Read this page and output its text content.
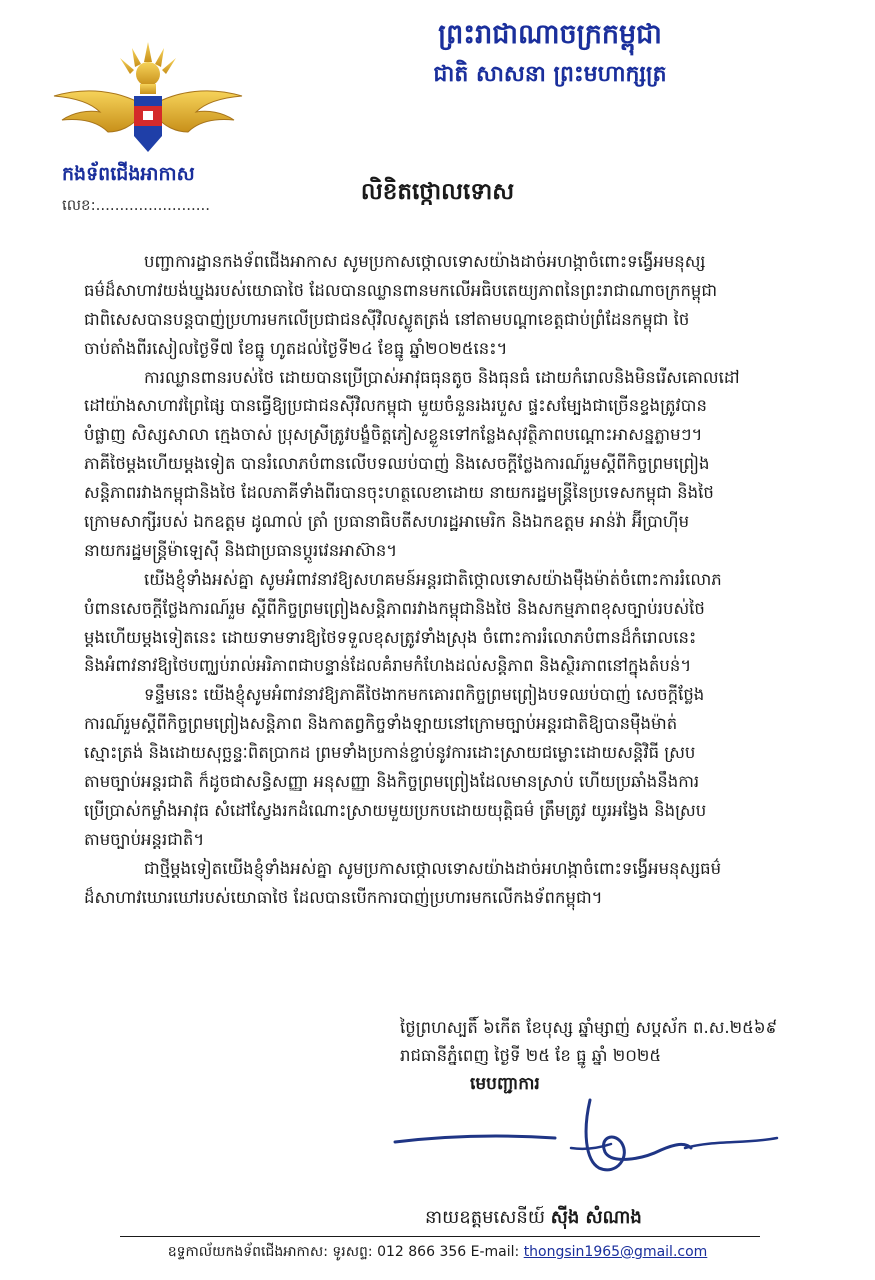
កងទ័ពជើងអាកាស
លេខ:........................
ព្រះរាជាណាចក្រកម្ពុជា
ជាតិ សាសនា ព្រះមហាក្សត្រ
លិខិតថ្កោលទោស
បញ្ជាការដ្ឋានកងទ័ពជើងអាកាស សូមប្រកាសថ្កោលទោសយ៉ាងដាច់អហង្កាចំពោះទង្វើអមនុស្ស
ធម៌ដ៏សាហាវយង់ឃ្នងរបស់យោធាថៃ ដែលបានឈ្លានពានមកលើអធិបតេយ្យភាពនៃព្រះរាជាណាចក្រកម្ពុជា
ជាពិសេសបានបន្តបាញ់ប្រហារមកលើប្រជាជនស៊ីវិលស្លូតត្រង់ នៅតាមបណ្តាខេត្តជាប់ព្រំដែនកម្ពុជា ថៃ
ចាប់តាំងពីរសៀលថ្ងៃទី៧ ខែធ្នូ ហូតដល់ថ្ងៃទី២៤ ខែធ្នូ ឆ្នាំ២០២៥នេះ។
ការឈ្លានពានរបស់ថៃ ដោយបានប្រើប្រាស់អាវុធធុនតូច និងធុនធំ ដោយកំរោលនិងមិនរើសគោលដៅ
ដៅយ៉ាងសាហាវព្រៃផ្សៃ បានធ្វើឱ្យប្រជាជនស៊ីវិលកម្ពុជា មួយចំនួនរងរបួស ផ្ទះសម្បែងជាច្រើនខ្ទងត្រូវបាន
បំផ្លាញ សិស្សសាលា ក្មេងចាស់ ប្រុសស្រីត្រូវបង្ខំចិត្តភៀសខ្លួនទៅកន្លែងសុវត្ថិភាពបណ្តោះអាសន្នភ្លាមៗ។
ភាគីថៃម្តងហើយម្តងទៀត បានរំលោភបំពានលើបទឈប់បាញ់ និងសេចក្តីថ្លែងការណ៍រួមស្តីពីកិច្ចព្រមព្រៀង
សន្តិភាពរវាងកម្ពុជានិងថៃ ដែលភាគីទាំងពីរបានចុះហត្ថលេខាដោយ នាយករដ្ឋមន្ត្រីនៃប្រទេសកម្ពុជា និងថៃ
ក្រោមសាក្សីរបស់ ឯកឧត្តម ដូណាល់ ត្រាំ ប្រធានាធិបតីសហរដ្ឋអាមេរិក និងឯកឧត្តម អាន់វ៉ា អ៊ីប្រាហ៊ីម
នាយករដ្ឋមន្ត្រីម៉ាឡេស៊ី និងជាប្រធានប្តូរវេនអាស៊ាន។
យើងខ្ញុំទាំងអស់គ្នា សូមអំពាវនាវឱ្យសហគមន៍អន្តរជាតិថ្កោលទោសយ៉ាងម៉ឺងម៉ាត់ចំពោះការរំលោភ
បំពានសេចក្តីថ្លែងការណ៍រួម ស្តីពីកិច្ចព្រមព្រៀងសន្តិភាពរវាងកម្ពុជានិងថៃ និងសកម្មភាពខុសច្បាប់របស់ថៃ
ម្តងហើយម្តងទៀតនេះ ដោយទាមទារឱ្យថៃទទួលខុសត្រូវទាំងស្រុង ចំពោះការរំលោភបំពានដ៏កំរោលនេះ
និងអំពាវនាវឱ្យថៃបញ្ឈប់រាល់អរិភាពជាបន្ទាន់ដែលគំរាមកំហែងដល់សន្តិភាព និងស្ថិរភាពនៅក្នុងតំបន់។
ទន្ទឹមនេះ យើងខ្ញុំសូមអំពាវនាវឱ្យភាគីថៃងាកមកគោរពកិច្ចព្រមព្រៀងបទឈប់បាញ់ សេចក្តីថ្លែង
ការណ៍រួមស្តីពីកិច្ចព្រមព្រៀងសន្តិភាព និងកាតព្វកិច្ចទាំងឡាយនៅក្រោមច្បាប់អន្តរជាតិឱ្យបានម៉ឺងម៉ាត់
ស្មោះត្រង់ និងដោយសុច្ឆន្ទៈពិតប្រាកដ ព្រមទាំងប្រកាន់ខ្ជាប់នូវការដោះស្រាយជម្លោះដោយសន្តិវិធី ស្រប
តាមច្បាប់អន្តរជាតិ ក៏ដូចជាសន្ធិសញ្ញា អនុសញ្ញា និងកិច្ចព្រមព្រៀងដែលមានស្រាប់ ហើយប្រឆាំងនឹងការ
ប្រើប្រាស់កម្លាំងអាវុធ សំដៅស្វែងរកដំណោះស្រាយមួយប្រកបដោយយុត្តិធម៌ ត្រឹមត្រូវ យូរអង្វែង និងស្រប
តាមច្បាប់អន្តរជាតិ។
ជាថ្មីម្តងទៀតយើងខ្ញុំទាំងអស់គ្នា សូមប្រកាសថ្កោលទោសយ៉ាងដាច់អហង្កាចំពោះទង្វើអមនុស្សធម៌
ដ៏សាហាវឃោរឃៅរបស់យោធាថៃ ដែលបានបើកការបាញ់ប្រហារមកលើកងទ័ពកម្ពុជា។
ថ្ងៃព្រហស្បតិ៍ ៦កើត ខែបុស្ស ឆ្នាំម្សាញ់ សប្តស័ក ព.ស.២៥៦៩
រាជធានីភ្នំពេញ ថ្ងៃទី ២៥ ខែ ធ្នូ ឆ្នាំ ២០២៥
មេបញ្ជាការ
នាយឧត្តមសេនីយ៍ ស៊ីង សំណាង
ឧទ្ទកាល័យកងទ័ពជើងអាកាស: ទូរសព្ទ: 012 866 356 E-mail: thongsin1965@gmail.com
